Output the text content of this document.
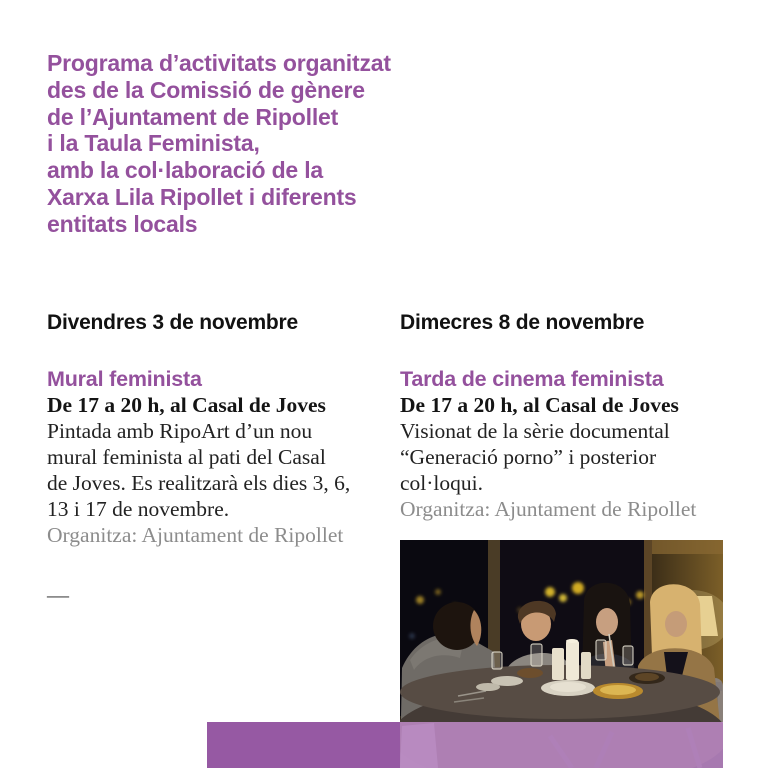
Programa d’activitats organitzat
des de la Comissió de gènere
de l’Ajuntament de Ripollet
i la Taula Feminista,
amb la col·laboració de la
Xarxa Lila Ripollet i diferents
entitats locals
Divendres 3 de novembre
Mural feminista
De 17 a 20 h, al Casal de Joves
Pintada amb RipoArt d’un nou
mural feminista al pati del Casal
de Joves. Es realitzarà els dies 3, 6,
13 i 17 de novembre.
Organitza: Ajuntament de Ripollet
—
Dimecres 8 de novembre
Tarda de cinema feminista
De 17 a 20 h, al Casal de Joves
Visionat de la sèrie documental
“Generació porno” i posterior
col·loqui.
Organitza: Ajuntament de Ripollet
